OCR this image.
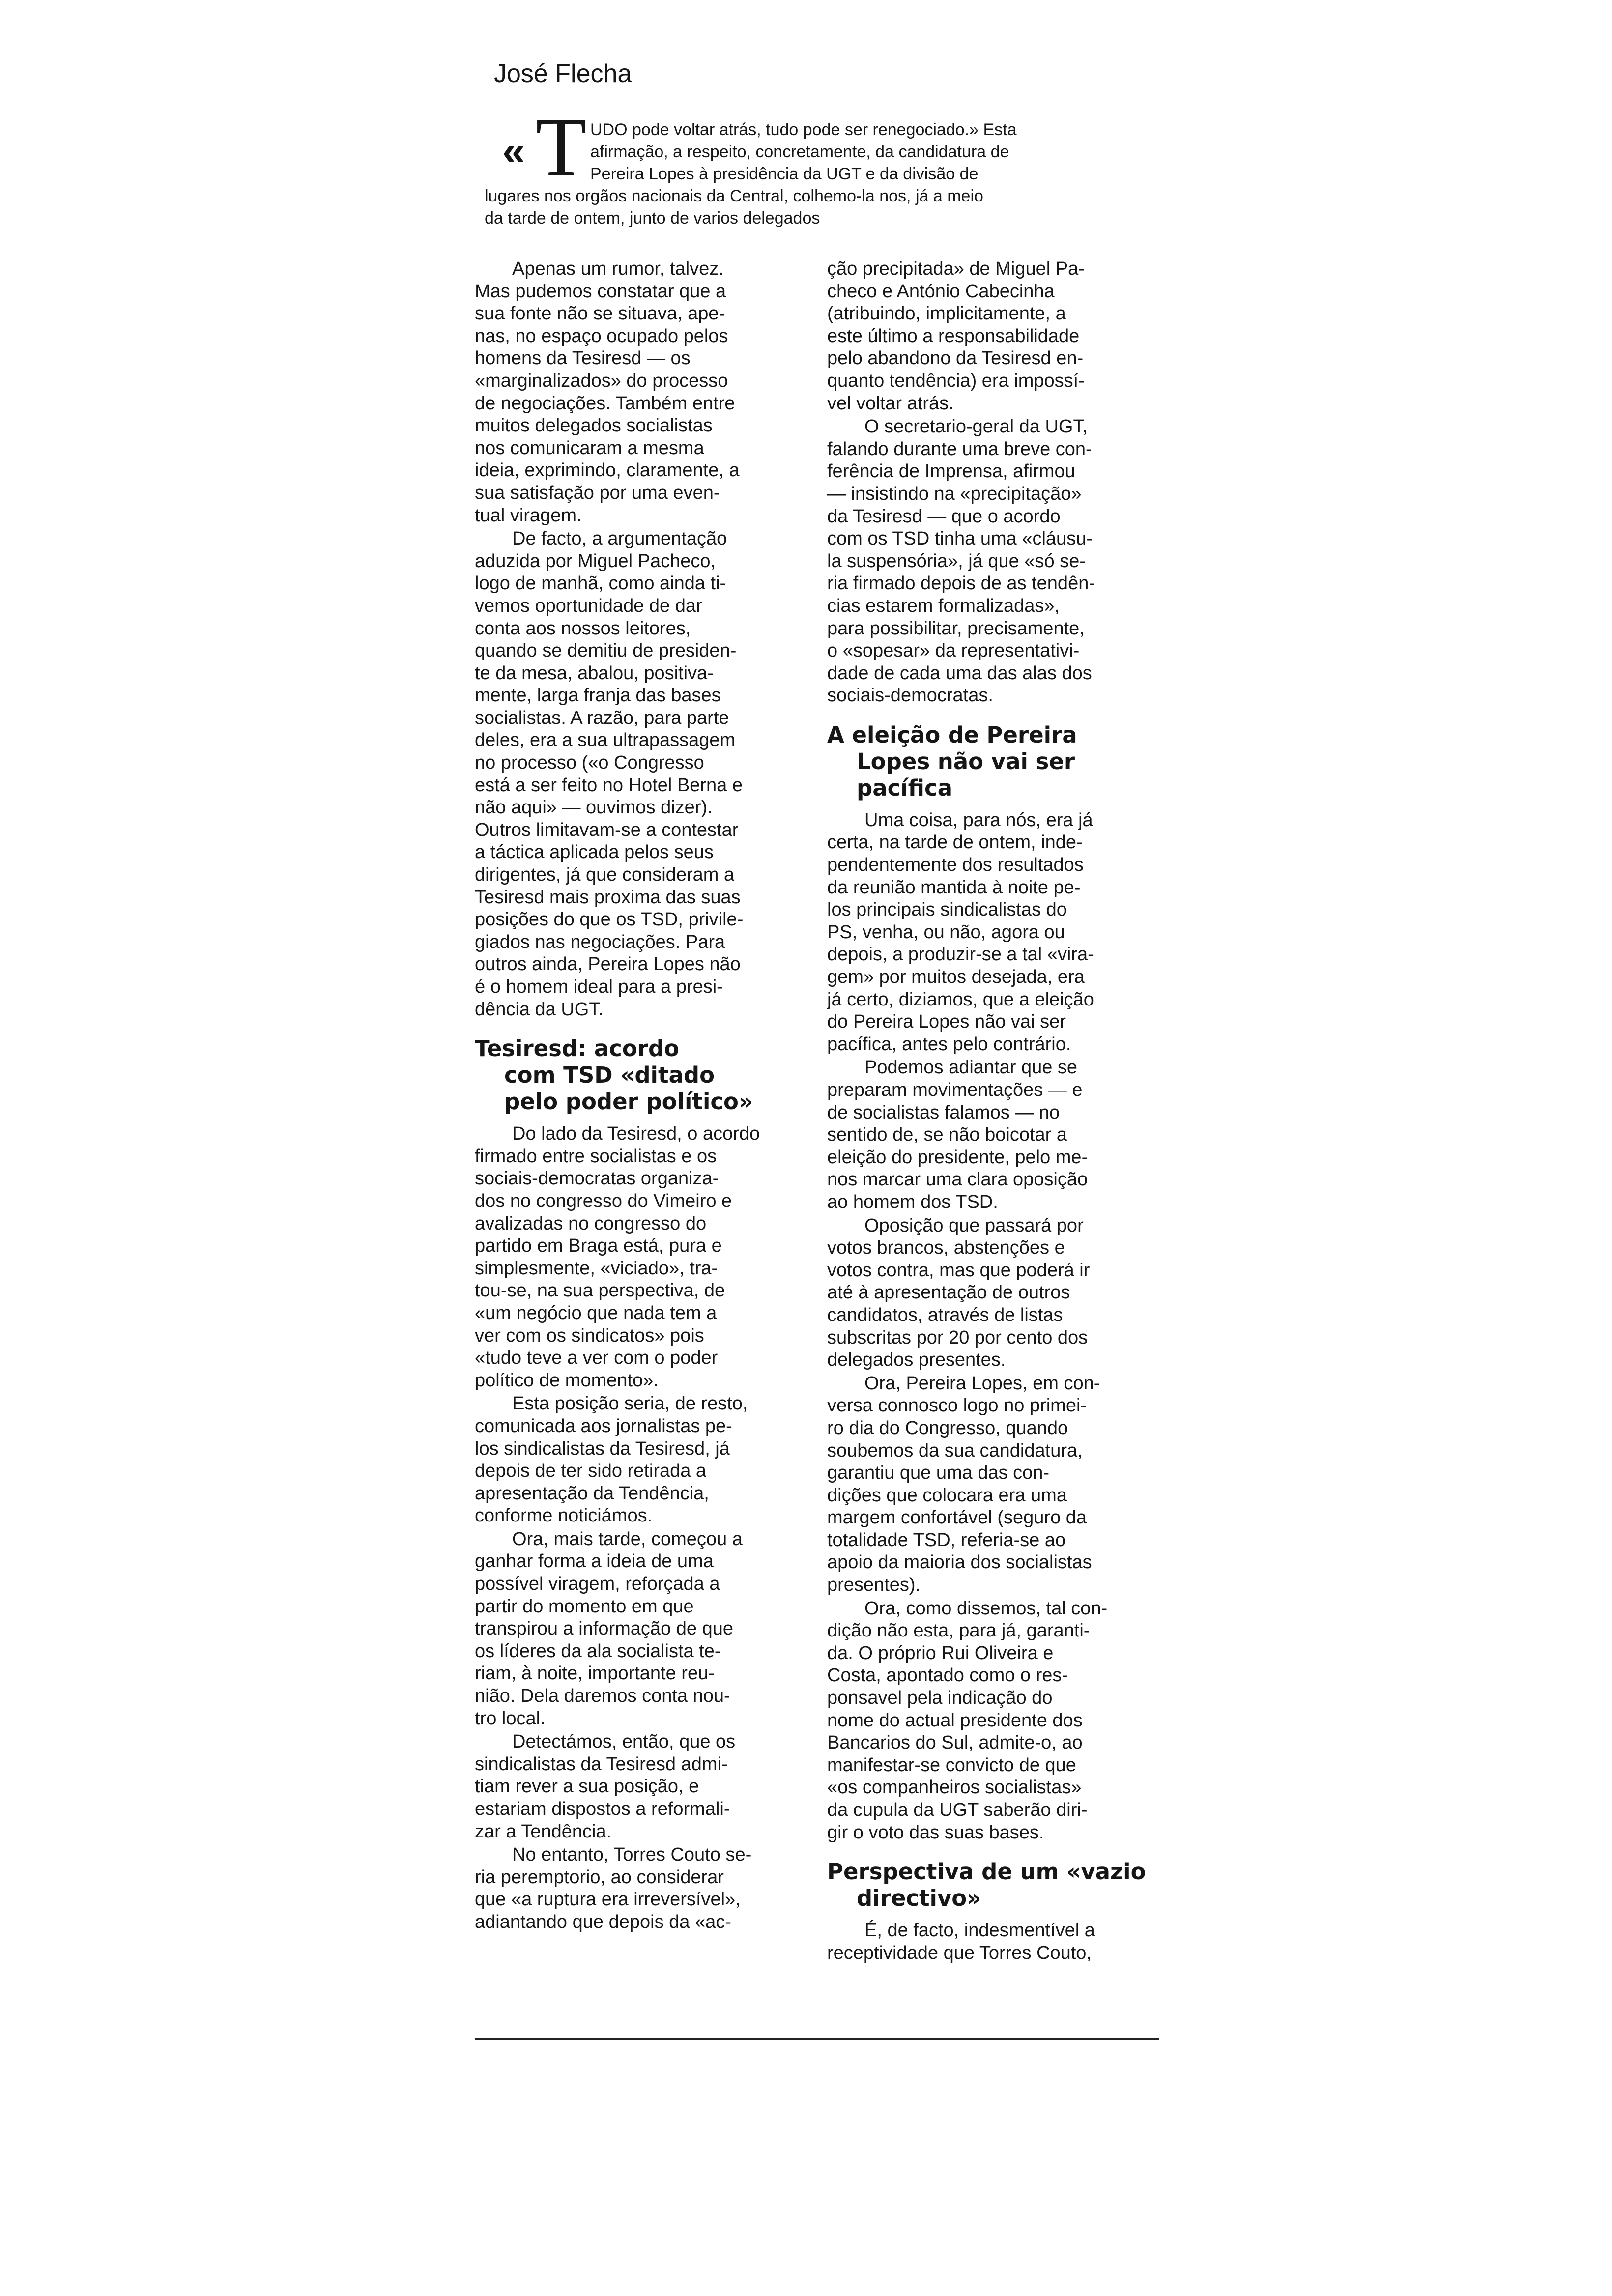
José Flecha
« T UDO pode voltar atrás, tudo pode ser renegociado.» Esta
afirmação, a respeito, concretamente, da candidatura de
Pereira Lopes à presidência da UGT e da divisão de
lugares nos orgãos nacionais da Central, colhemo-la nos, já a meio
da tarde de ontem, junto de varios delegados
Apenas um rumor, talvez.
Mas pudemos constatar que a
sua fonte não se situava, ape-
nas, no espaço ocupado pelos
homens da Tesiresd — os
«marginalizados» do processo
de negociações. Também entre
muitos delegados socialistas
nos comunicaram a mesma
ideia, exprimindo, claramente, a
sua satisfação por uma even-
tual viragem.
De facto, a argumentação
aduzida por Miguel Pacheco,
logo de manhã, como ainda ti-
vemos oportunidade de dar
conta aos nossos leitores,
quando se demitiu de presiden-
te da mesa, abalou, positiva-
mente, larga franja das bases
socialistas. A razão, para parte
deles, era a sua ultrapassagem
no processo («o Congresso
está a ser feito no Hotel Berna e
não aqui» — ouvimos dizer).
Outros limitavam-se a contestar
a táctica aplicada pelos seus
dirigentes, já que consideram a
Tesiresd mais proxima das suas
posições do que os TSD, privile-
giados nas negociações. Para
outros ainda, Pereira Lopes não
é o homem ideal para a presi-
dência da UGT.
Tesiresd: acordo
com TSD «ditado
pelo poder político»
Do lado da Tesiresd, o acordo
firmado entre socialistas e os
sociais-democratas organiza-
dos no congresso do Vimeiro e
avalizadas no congresso do
partido em Braga está, pura e
simplesmente, «viciado», tra-
tou-se, na sua perspectiva, de
«um negócio que nada tem a
ver com os sindicatos» pois
«tudo teve a ver com o poder
político de momento».
Esta posição seria, de resto,
comunicada aos jornalistas pe-
los sindicalistas da Tesiresd, já
depois de ter sido retirada a
apresentação da Tendência,
conforme noticiámos.
Ora, mais tarde, começou a
ganhar forma a ideia de uma
possível viragem, reforçada a
partir do momento em que
transpirou a informação de que
os líderes da ala socialista te-
riam, à noite, importante reu-
nião. Dela daremos conta nou-
tro local.
Detectámos, então, que os
sindicalistas da Tesiresd admi-
tiam rever a sua posição, e
estariam dispostos a reformali-
zar a Tendência.
No entanto, Torres Couto se-
ria peremptorio, ao considerar
que «a ruptura era irreversível»,
adiantando que depois da «ac-
ção precipitada» de Miguel Pa-
checo e António Cabecinha
(atribuindo, implicitamente, a
este último a responsabilidade
pelo abandono da Tesiresd en-
quanto tendência) era impossí-
vel voltar atrás.
O secretario-geral da UGT,
falando durante uma breve con-
ferência de Imprensa, afirmou
— insistindo na «precipitação»
da Tesiresd — que o acordo
com os TSD tinha uma «cláusu-
la suspensória», já que «só se-
ria firmado depois de as tendên-
cias estarem formalizadas»,
para possibilitar, precisamente,
o «sopesar» da representativi-
dade de cada uma das alas dos
sociais-democratas.
A eleição de Pereira
Lopes não vai ser
pacífica
Uma coisa, para nós, era já
certa, na tarde de ontem, inde-
pendentemente dos resultados
da reunião mantida à noite pe-
los principais sindicalistas do
PS, venha, ou não, agora ou
depois, a produzir-se a tal «vira-
gem» por muitos desejada, era
já certo, diziamos, que a eleição
do Pereira Lopes não vai ser
pacífica, antes pelo contrário.
Podemos adiantar que se
preparam movimentações — e
de socialistas falamos — no
sentido de, se não boicotar a
eleição do presidente, pelo me-
nos marcar uma clara oposição
ao homem dos TSD.
Oposição que passará por
votos brancos, abstenções e
votos contra, mas que poderá ir
até à apresentação de outros
candidatos, através de listas
subscritas por 20 por cento dos
delegados presentes.
Ora, Pereira Lopes, em con-
versa connosco logo no primei-
ro dia do Congresso, quando
soubemos da sua candidatura,
garantiu que uma das con-
dições que colocara era uma
margem confortável (seguro da
totalidade TSD, referia-se ao
apoio da maioria dos socialistas
presentes).
Ora, como dissemos, tal con-
dição não esta, para já, garanti-
da. O próprio Rui Oliveira e
Costa, apontado como o res-
ponsavel pela indicação do
nome do actual presidente dos
Bancarios do Sul, admite-o, ao
manifestar-se convicto de que
«os companheiros socialistas»
da cupula da UGT saberão diri-
gir o voto das suas bases.
Perspectiva de um «vazio
directivo»
É, de facto, indesmentível a
receptividade que Torres Couto,
